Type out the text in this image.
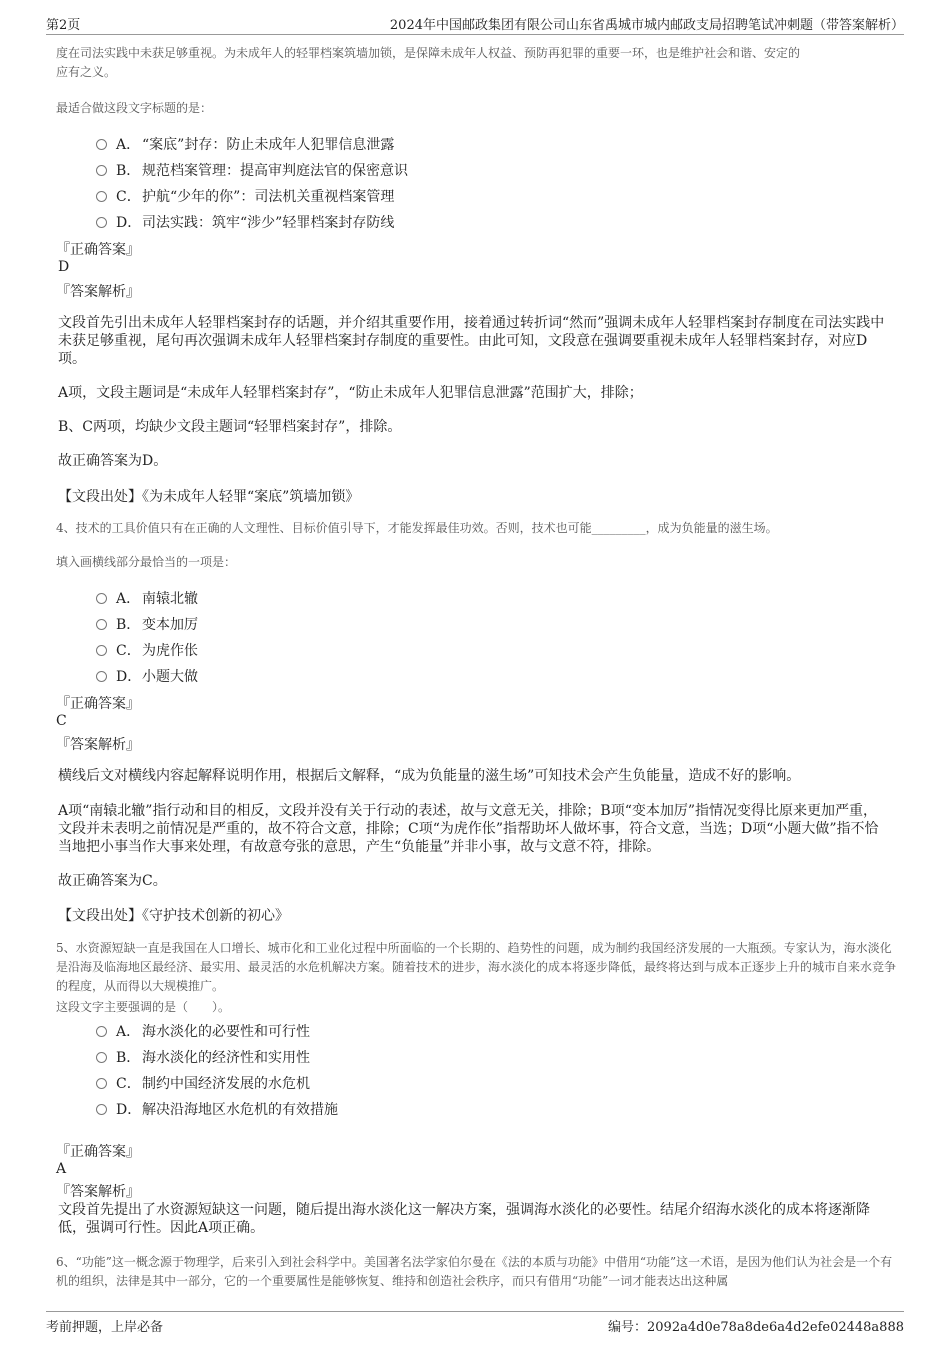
第2页	2024年中国邮政集团有限公司山东省禹城市城内邮政支局招聘笔试冲刺题（带答案解析）
度在司法实践中未获足够重视。为未成年人的轻罪档案筑墙加锁，是保障未成年人权益、预防再犯罪的重要一环，也是维护社会和谐、安定的
应有之义。
最适合做这段文字标题的是：
A． “案底”封存：防止未成年人犯罪信息泄露
B． 规范档案管理：提高审判庭法官的保密意识
C．护航“少年的你”：司法机关重视档案管理
D．司法实践：筑牢“涉少”轻罪档案封存防线
『正确答案』
D
『答案解析』
文段首先引出未成年人轻罪档案封存的话题，并介绍其重要作用，接着通过转折词“然而”强调未成年人轻罪档案封存制度在司法实践中未获足够重视，尾句再次强调未成年人轻罪档案封存制度的重要性。由此可知，文段意在强调要重视未成年人轻罪档案封存，对应D项。
A项，文段主题词是“未成年人轻罪档案封存”，“防止未成年人犯罪信息泄露”范围扩大，排除；
B、C两项，均缺少文段主题词“轻罪档案封存”，排除。
故正确答案为D。
【文段出处】《为未成年人轻罪“案底”筑墙加锁》
4、技术的工具价值只有在正确的人文理性、目标价值引导下，才能发挥最佳功效。否则，技术也可能_________，成为负能量的滋生场。
填入画横线部分最恰当的一项是：
A． 南辕北辙
B． 变本加厉
C．为虎作伥
D．小题大做
『正确答案』
C
『答案解析』
横线后文对横线内容起解释说明作用，根据后文解释，“成为负能量的滋生场”可知技术会产生负能量，造成不好的影响。
A项“南辕北辙”指行动和目的相反，文段并没有关于行动的表述，故与文意无关，排除；B项“变本加厉”指情况变得比原来更加严重，文段并未表明之前情况是严重的，故不符合文意，排除；C项“为虎作伥”指帮助坏人做坏事，符合文意，当选；D项“小题大做”指不恰当地把小事当作大事来处理，有故意夸张的意思，产生“负能量”并非小事，故与文意不符，排除。
故正确答案为C。
【文段出处】《守护技术创新的初心》
5、水资源短缺一直是我国在人口增长、城市化和工业化过程中所面临的一个长期的、趋势性的问题，成为制约我国经济发展的一大瓶颈。专家认为，海水淡化是沿海及临海地区最经济、最实用、最灵活的水危机解决方案。随着技术的进步，海水淡化的成本将逐步降低，最终将达到与成本正逐步上升的城市自来水竞争的程度，从而得以大规模推广。
这段文字主要强调的是（　　）。
A． 海水淡化的必要性和可行性
B． 海水淡化的经济性和实用性
C．制约中国经济发展的水危机
D．解决沿海地区水危机的有效措施
『正确答案』
A
『答案解析』
文段首先提出了水资源短缺这一问题，随后提出海水淡化这一解决方案，强调海水淡化的必要性。结尾介绍海水淡化的成本将逐渐降低，强调可行性。因此A项正确。
6、“功能”这一概念源于物理学，后来引入到社会科学中。美国著名法学家伯尔曼在《法的本质与功能》中借用“功能”这一术语，是因为他们认为社会是一个有机的组织，法律是其中一部分，它的一个重要属性是能够恢复、维持和创造社会秩序，而只有借用“功能”一词才能表达出这种属
考前押题，上岸必备	编号：2092a4d0e78a8de6a4d2efe02448a888
